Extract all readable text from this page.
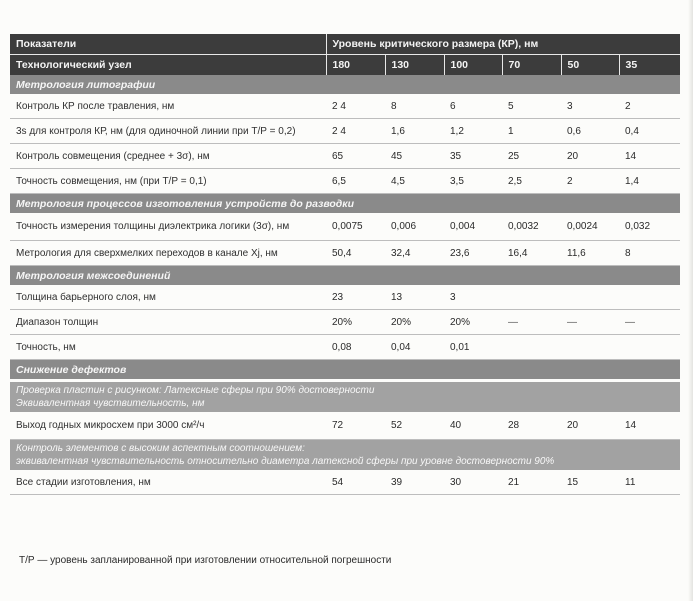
Показатели	Уровень критического размера (КР), нм					
Технологический узел	180	130	100	70	50	35
Метрология литографии						
Контроль КР после травления, нм	2 4	8	6	5	3	2
3s для контроля КР, нм (для одиночной линии при Т/Р = 0,2)	2 4	1,6	1,2	1	0,6	0,4
Контроль совмещения (среднее + 3σ), нм	65	45	35	25	20	14
Точность совмещения, нм (при Т/Р = 0,1)	6,5	4,5	3,5	2,5	2	1,4
Метрология процессов изготовления устройств до разводки						
Точность измерения толщины диэлектрика логики (3σ), нм	0,0075	0,006	0,004	0,0032	0,0024	0,032
Метрология для сверхмелких переходов в канале Xj, нм	50,4	32,4	23,6	16,4	11,6	8
Метрология межсоединений						
Толщина барьерного слоя, нм	23	13	3			
Диапазон толщин	20%	20%	20%	—	—	—
Точность, нм	0,08	0,04	0,01			
Снижение дефектов						

Проверка пластин с рисунком: Латексные сферы при 90% достоверности
Эквивалентная чувствительность, нм						

Выход годных микросхем при 3000 см²/ч	72	52	40	28	20	14

Контроль элементов с высоким аспектным соотношением:
эквивалентная чувствительность относительно диаметра латексной сферы при уровне достоверности 90%						

Все стадии изготовления, нм	54	39	30	21	15	11
Т/Р — уровень запланированной при изготовлении относительной погрешности
